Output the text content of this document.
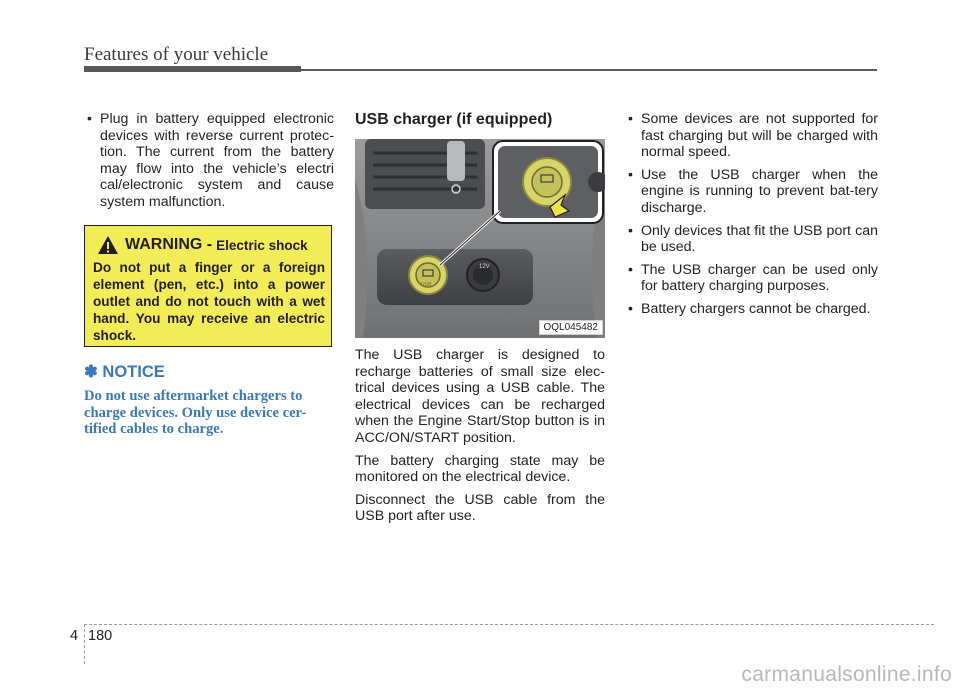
Features of your vehicle
• Plug in battery equipped electronic devices with reverse current protec-tion. The current from the battery may flow into the vehicle’s electri cal/electronic system and cause system malfunction.
WARNING - Electric shock
Do not put a finger or a foreign element (pen, etc.) into a power outlet and do not touch with a wet hand. You may receive an electric shock.
✽ NOTICE
Do not use aftermarket chargers to charge devices. Only use device cer-tified cables to charge.
USB charger (if equipped)
12V
USB
OQL045482

The USB charger is designed to recharge batteries of small size elec-trical devices using a USB cable. The electrical devices can be recharged when the Engine Start/Stop button is in ACC/ON/START position.

The battery charging state may be monitored on the electrical device.

Disconnect the USB cable from the USB port after use.

• Some devices are not supported for fast charging but will be charged with normal speed.
• Use the USB charger when the engine is running to prevent bat-tery discharge.
• Only devices that fit the USB port can be used.
• The USB charger can be used only for battery charging purposes.
• Battery chargers cannot be charged.
4 180
carmanualsonline.info
